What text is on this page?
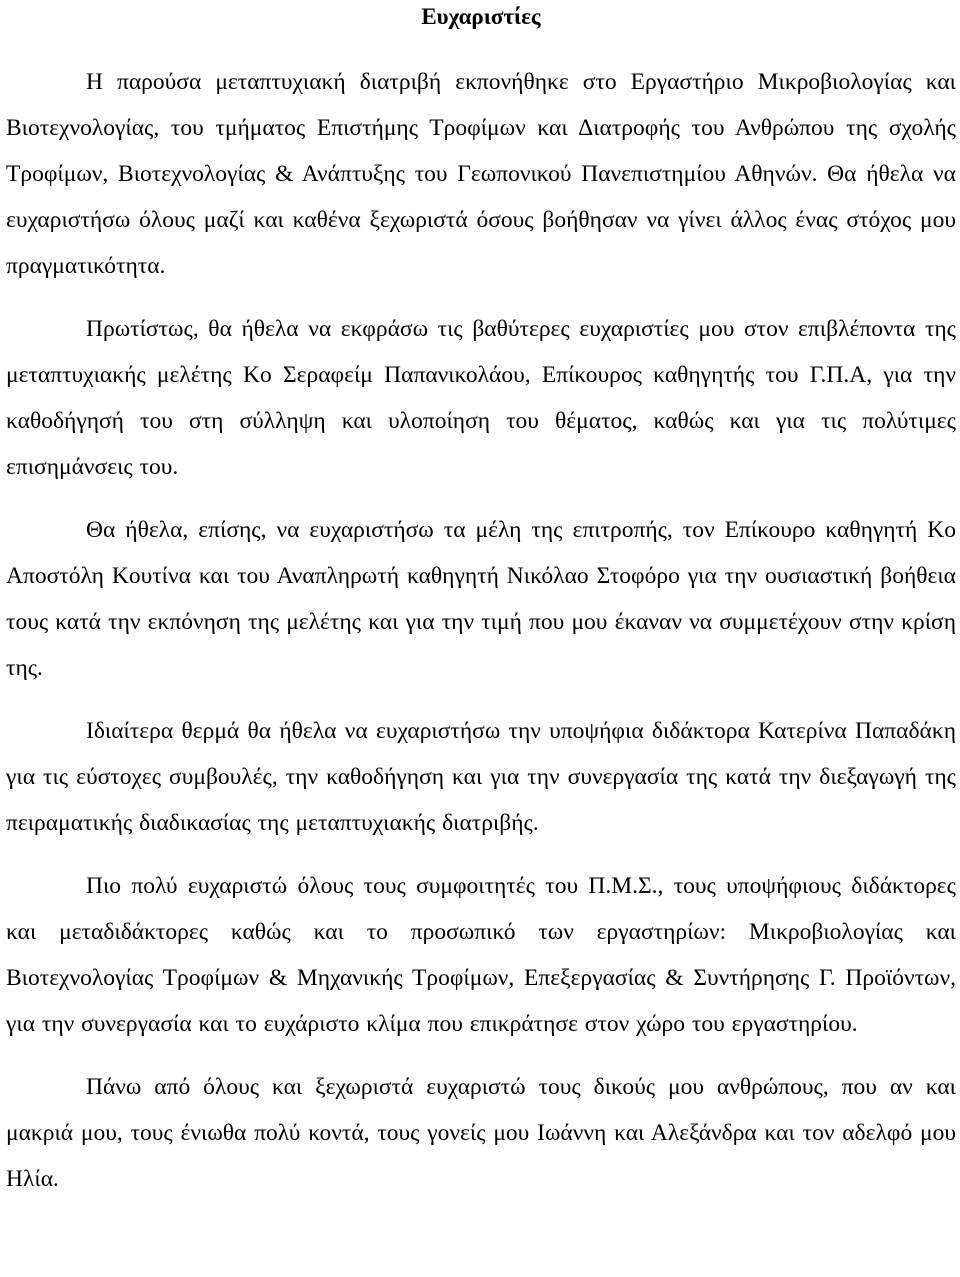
Ευχαριστίες

Η παρούσα μεταπτυχιακή διατριβή εκπονήθηκε στο Εργαστήριο Μικροβιολογίας και Βιοτεχνολογίας, του τμήματος Επιστήμης Τροφίμων και Διατροφής του Ανθρώπου της σχολής Τροφίμων, Βιοτεχνολογίας & Ανάπτυξης του Γεωπονικού Πανεπιστημίου Αθηνών. Θα ήθελα να ευχαριστήσω όλους μαζί και καθένα ξεχωριστά όσους βοήθησαν να γίνει άλλος ένας στόχος μου πραγματικότητα.

Πρωτίστως, θα ήθελα να εκφράσω τις βαθύτερες ευχαριστίες μου στον επιβλέποντα της μεταπτυχιακής μελέτης Κο Σεραφείμ Παπανικολάου, Επίκουρος καθηγητής του Γ.Π.Α, για την καθοδήγησή του στη σύλληψη και υλοποίηση του θέματος, καθώς και για τις πολύτιμες επισημάνσεις του.

Θα ήθελα, επίσης, να ευχαριστήσω τα μέλη της επιτροπής, τον Επίκουρο καθηγητή Κο Αποστόλη Κουτίνα και του Αναπληρωτή καθηγητή Νικόλαο Στοφόρο για την ουσιαστική βοήθεια τους κατά την εκπόνηση της μελέτης και για την τιμή που μου έκαναν να συμμετέχουν στην κρίση της.

Ιδιαίτερα θερμά θα ήθελα να ευχαριστήσω την υποψήφια διδάκτορα Κατερίνα Παπαδάκη για τις εύστοχες συμβουλές, την καθοδήγηση και για την συνεργασία της κατά την διεξαγωγή της πειραματικής διαδικασίας της μεταπτυχιακής διατριβής.

Πιο πολύ ευχαριστώ όλους τους συμφοιτητές του Π.Μ.Σ., τους υποψήφιους διδάκτορες και μεταδιδάκτορες καθώς και το προσωπικό των εργαστηρίων: Μικροβιολογίας και Βιοτεχνολογίας Τροφίμων & Μηχανικής Τροφίμων, Επεξεργασίας & Συντήρησης Γ. Προϊόντων, για την συνεργασία και το ευχάριστο κλίμα που επικράτησε στον χώρο του εργαστηρίου.

Πάνω από όλους και ξεχωριστά ευχαριστώ τους δικούς μου ανθρώπους, που αν και μακριά μου, τους ένιωθα πολύ κοντά, τους γονείς μου Ιωάννη και Αλεξάνδρα και τον αδελφό μου Ηλία.
